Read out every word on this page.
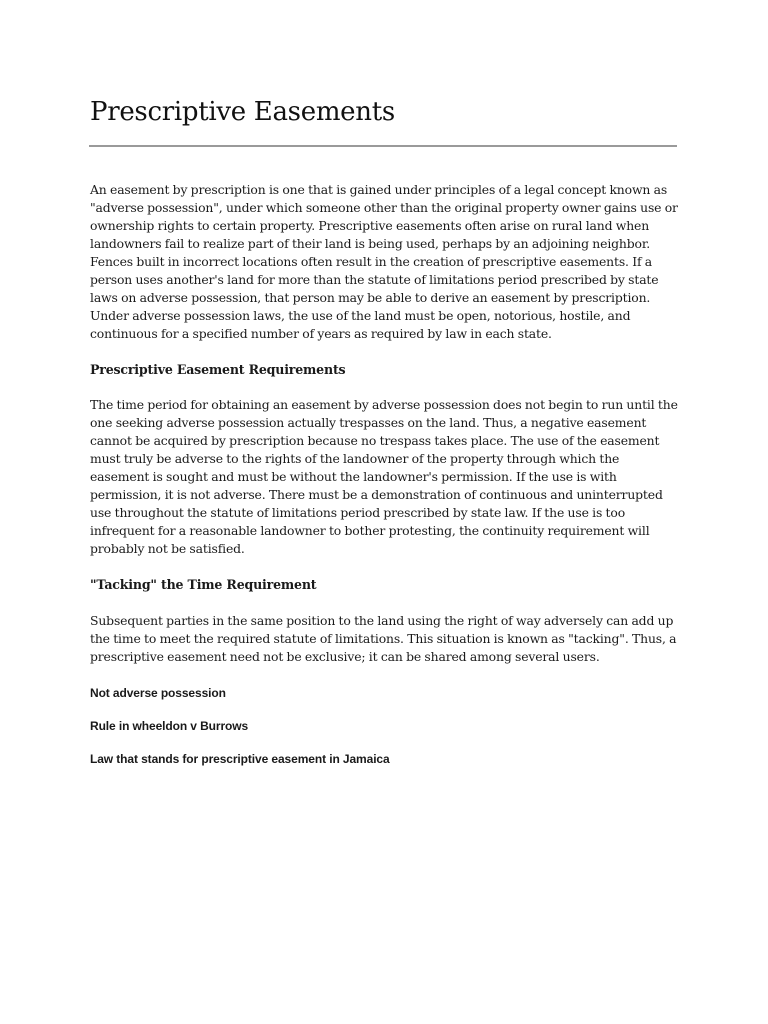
Prescriptive Easements

An easement by prescription is one that is gained under principles of a legal concept known as "adverse possession", under which someone other than the original property owner gains use or ownership rights to certain property. Prescriptive easements often arise on rural land when landowners fail to realize part of their land is being used, perhaps by an adjoining neighbor. Fences built in incorrect locations often result in the creation of prescriptive easements. If a person uses another's land for more than the statute of limitations period prescribed by state laws on adverse possession, that person may be able to derive an easement by prescription. Under adverse possession laws, the use of the land must be open, notorious, hostile, and continuous for a specified number of years as required by law in each state.

Prescriptive Easement Requirements

The time period for obtaining an easement by adverse possession does not begin to run until the one seeking adverse possession actually trespasses on the land. Thus, a negative easement cannot be acquired by prescription because no trespass takes place. The use of the easement must truly be adverse to the rights of the landowner of the property through which the easement is sought and must be without the landowner's permission. If the use is with permission, it is not adverse. There must be a demonstration of continuous and uninterrupted use throughout the statute of limitations period prescribed by state law. If the use is too infrequent for a reasonable landowner to bother protesting, the continuity requirement will probably not be satisfied.

"Tacking" the Time Requirement

Subsequent parties in the same position to the land using the right of way adversely can add up the time to meet the required statute of limitations. This situation is known as "tacking". Thus, a prescriptive easement need not be exclusive; it can be shared among several users.

Not adverse possession
Rule in wheeldon v Burrows
Law that stands for prescriptive easement in Jamaica
